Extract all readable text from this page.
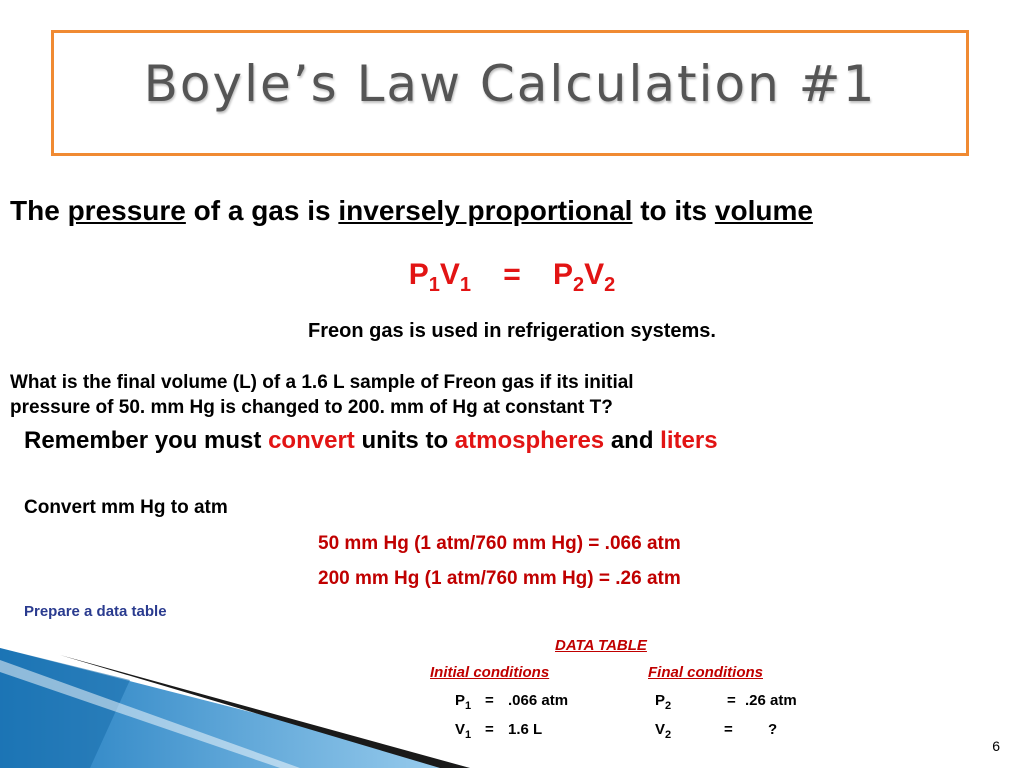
Boyle’s Law Calculation #1
The pressure of a gas is inversely proportional to its volume
$P_1V_1 = P_2V_2$
Freon gas is used in refrigeration systems.
What is the final volume (L) of a 1.6 L sample of Freon gas if its initial
pressure of 50. mm Hg is changed to 200. mm of Hg at constant T?
Remember you must convert units to atmospheres and liters
Convert mm Hg to atm
50 mm Hg (1 atm/760 mm Hg) = .066 atm
200 mm Hg (1 atm/760 mm Hg) = .26 atm
Prepare a data table
DATA TABLE
Initial conditions	Final conditions
$P_1 = .066$ atm	$P_2$	= .26 atm
$V_1 = 1.6$ L	$V_2$	= ?
6
